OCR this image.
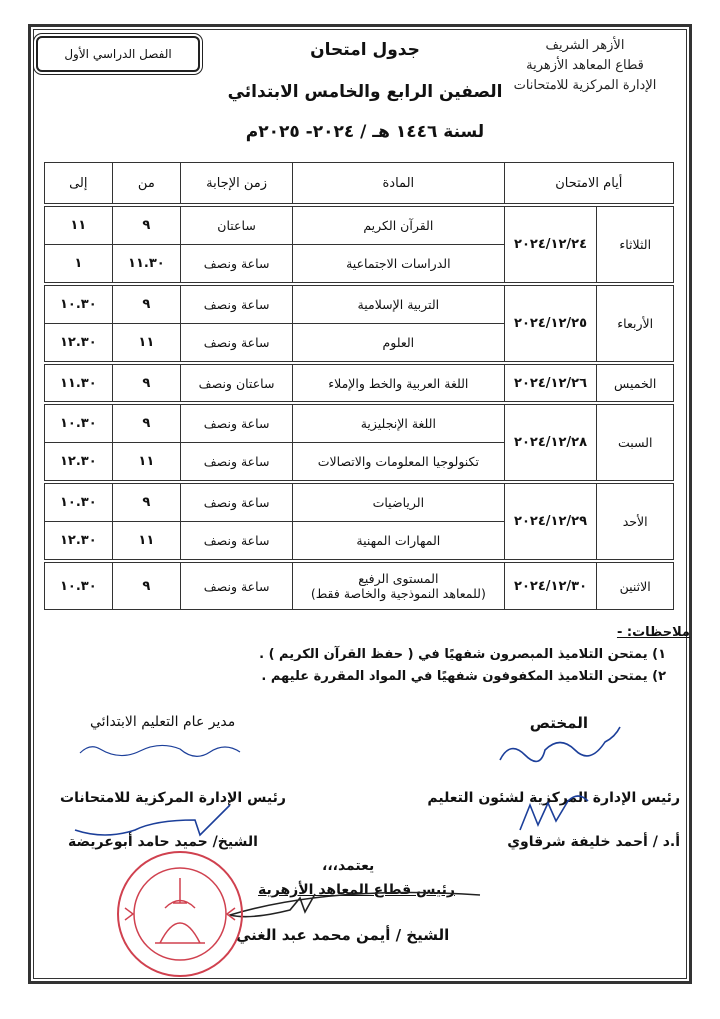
الفصل الدراسي الأول
الأزهر الشريف
قطاع المعاهد الأزهرية
الإدارة المركزية للامتحانات
جدول امتحان
الصفين الرابع والخامس الابتدائي
لسنة ١٤٤٦ هـ / ٢٠٢٤- ٢٠٢٥م
أيام الامتحان		المادة	زمن الإجابة	من	إلى
الثلاثاء	٢٠٢٤/١٢/٢٤	القرآن الكريم	ساعتان	٩	١١

		الدراسات الاجتماعية	ساعة ونصف	١١.٣٠	١
الأربعاء	٢٠٢٤/١٢/٢٥	التربية الإسلامية	ساعة ونصف	٩	١٠.٣٠

		العلوم	ساعة ونصف	١١	١٢.٣٠
الخميس	٢٠٢٤/١٢/٢٦	اللغة العربية والخط والإملاء	ساعتان ونصف	٩	١١.٣٠
السبت	٢٠٢٤/١٢/٢٨	اللغة الإنجليزية	ساعة ونصف	٩	١٠.٣٠

		تكنولوجيا المعلومات والاتصالات	ساعة ونصف	١١	١٢.٣٠
الأحد	٢٠٢٤/١٢/٢٩	الرياضيات	ساعة ونصف	٩	١٠.٣٠

		المهارات المهنية	ساعة ونصف	١١	١٢.٣٠
الاثنين	٢٠٢٤/١٢/٣٠	المستوى الرفيع
(للمعاهد النموذجية والخاصة فقط)	ساعة ونصف	٩	١٠.٣٠
ملاحظات: -
١) يمتحن التلاميذ المبصرون شفهيًا في ( حفظ القرآن الكريم ) .
٢) يمتحن التلاميذ المكفوفون شفهيًا في المواد المقررة عليهم .
المختص
مدير عام التعليم الابتدائي
رئيس الإدارة المركزية لشئون التعليم
أ.د / أحمد خليفة شرقاوي
رئيس الإدارة المركزية للامتحانات
الشيخ/ حميد حامد أبوعريضة
يعتمد،،،
رئيس قطاع المعاهد الأزهرية
الشيخ / أيمن محمد عبد الغني
